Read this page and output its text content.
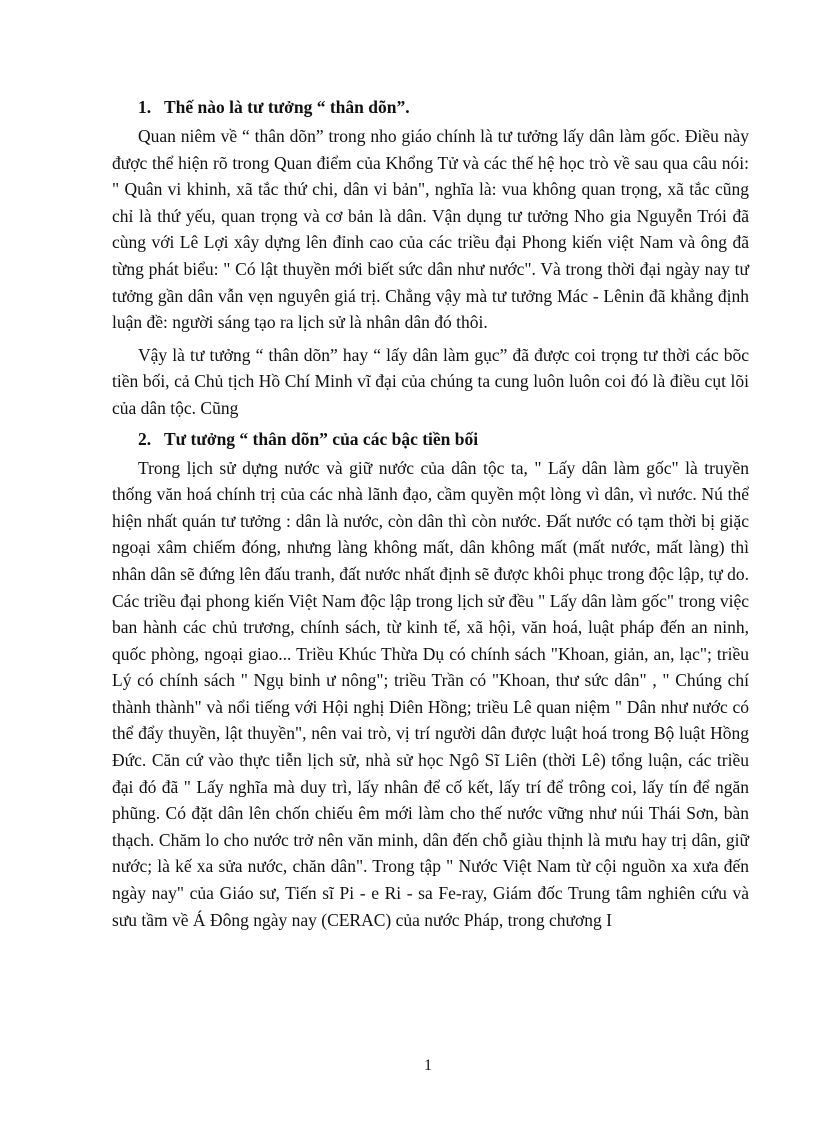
1. Thế nào là tư tưởng “ thân dõn”.

Quan niêm về “ thân dõn” trong nho giáo chính là tư tưởng lấy dân làm gốc. Điều này được thể hiện rõ trong Quan điểm của Khổng Tử và các thế hệ học trò về sau qua câu nói: " Quân vi khinh, xã tắc thứ chi, dân vi bản", nghĩa là: vua không quan trọng, xã tắc cũng chỉ là thứ yếu, quan trọng và cơ bản là dân. Vận dụng tư tưởng Nho gia Nguyễn Trói đã cùng với Lê Lợi xây dựng lên đỉnh cao của các triều đại Phong kiến việt Nam và ông đã từng phát biểu: " Có lật thuyền mới biết sức dân như nước". Và trong thời đại ngày nay tư tưởng gần dân vẫn vẹn nguyên giá trị. Chẳng vậy mà tư tưởng Mác - Lênin đã khẳng định luận đề: người sáng tạo ra lịch sử là nhân dân đó thôi.

Vậy là tư tưởng “ thân dõn” hay “ lấy dân làm gục” đã được coi trọng tư thời các bõc tiền bối, cả Chủ tịch Hồ Chí Minh vĩ đại của chúng ta cung luôn luôn coi đó là điều cụt lõi của dân tộc. Cũng

2. Tư tưởng “ thân dõn” của các bậc tiền bối

Trong lịch sử dựng nước và giữ nước của dân tộc ta, " Lấy dân làm gốc" là truyền thống văn hoá chính trị của các nhà lãnh đạo, cầm quyền một lòng vì dân, vì nước. Nú thể hiện nhất quán tư tưởng : dân là nước, còn dân thì còn nước. Đất nước có tạm thời bị giặc ngoại xâm chiếm đóng, nhưng làng không mất, dân không mất (mất nước, mất làng) thì nhân dân sẽ đứng lên đấu tranh, đất nước nhất định sẽ được khôi phục trong độc lập, tự do. Các triều đại phong kiến Việt Nam độc lập trong lịch sử đều " Lấy dân làm gốc" trong việc ban hành các chủ trương, chính sách, từ kinh tế, xã hội, văn hoá, luật pháp đến an ninh, quốc phòng, ngoại giao... Triều Khúc Thừa Dụ có chính sách "Khoan, giản, an, lạc"; triều Lý có chính sách " Ngụ binh ư nông"; triều Trần có "Khoan, thư sức dân" , " Chúng chí thành thành" và nổi tiếng với Hội nghị Diên Hồng; triều Lê quan niệm " Dân như nước có thể đẩy thuyền, lật thuyền", nên vai trò, vị trí người dân được luật hoá trong Bộ luật Hồng Đức. Căn cứ vào thực tiễn lịch sử, nhà sử học Ngô Sĩ Liên (thời Lê) tổng luận, các triều đại đó đã " Lấy nghĩa mà duy trì, lấy nhân để cố kết, lấy trí để trông coi, lấy tín để ngăn phũng. Có đặt dân lên chốn chiếu êm mới làm cho thế nước vững như núi Thái Sơn, bàn thạch. Chăm lo cho nước trở nên văn minh, dân đến chỗ giàu thịnh là mưu hay trị dân, giữ nước; là kế xa sửa nước, chăn dân". Trong tập " Nước Việt Nam từ cội nguồn xa xưa đến ngày nay" của Giáo sư, Tiến sĩ Pi - e Ri - sa Fe-ray, Giám đốc Trung tâm nghiên cứu và sưu tầm về Á Đông ngày nay (CERAC) của nước Pháp, trong chương I

1
